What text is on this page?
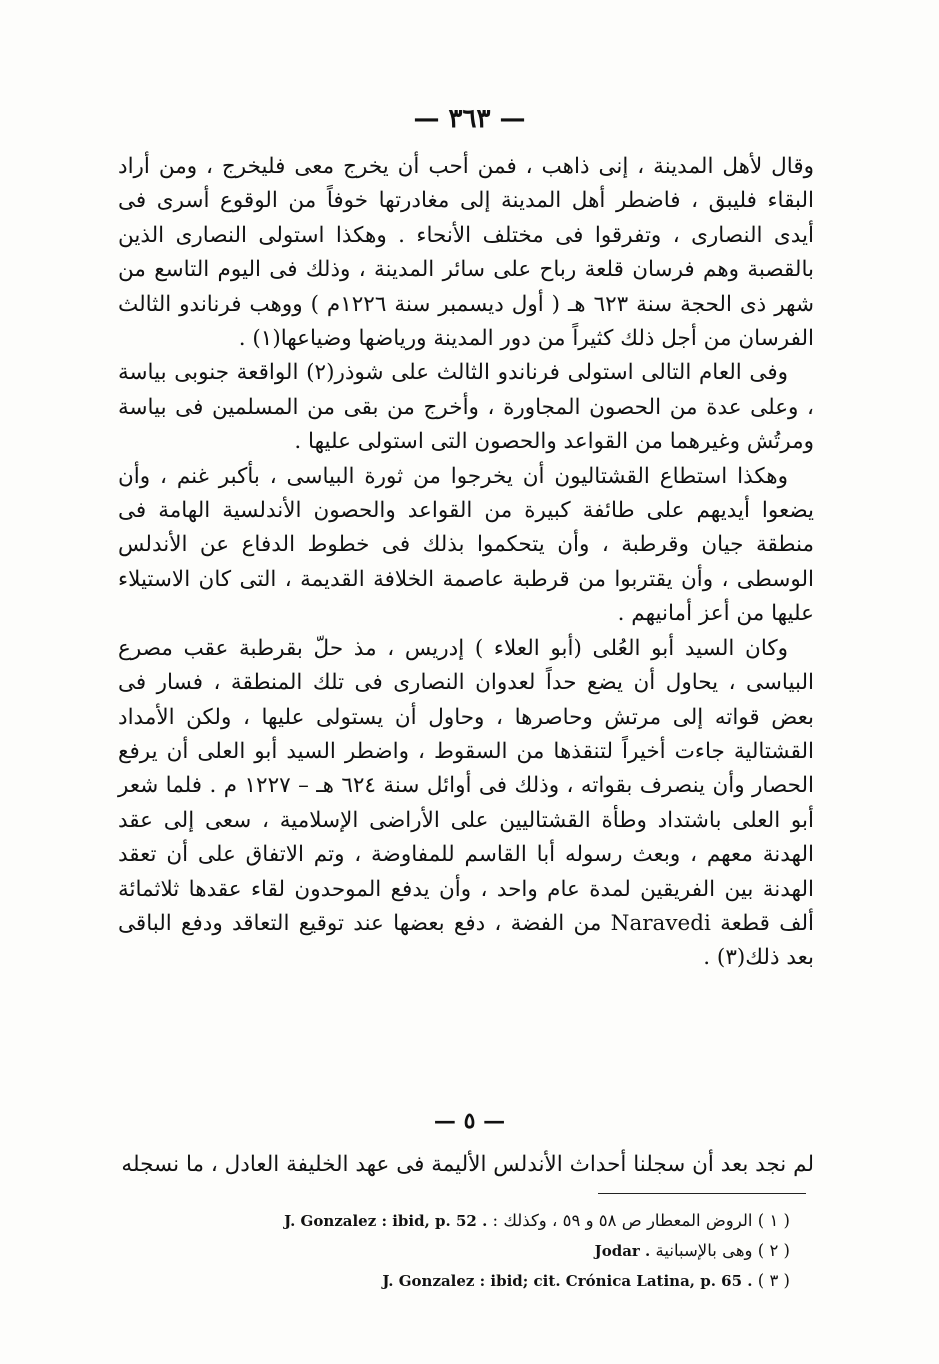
— ٣٦٣ —

وقال لأهل المدينة ، إنى ذاهب ، فمن أحب أن يخرج معى فليخرج ، ومن أراد البقاء فليبق ، فاضطر أهل المدينة إلى مغادرتها خوفاً من الوقوع أسرى فى أيدى النصارى ، وتفرقوا فى مختلف الأنحاء . وهكذا استولى النصارى الذين بالقصبة وهم فرسان قلعة رباح على سائر المدينة ، وذلك فى اليوم التاسع من شهر ذى الحجة سنة ٦٢٣ هـ ( أول ديسمبر سنة ١٢٢٦م ) ووهب فرناندو الثالث الفرسان من أجل ذلك كثيراً من دور المدينة ورياضها وضياعها(١) .

وفى العام التالى استولى فرناندو الثالث على شوذر(٢) الواقعة جنوبى بياسة ، وعلى عدة من الحصون المجاورة ، وأخرج من بقى من المسلمين فى بياسة ومرتُش وغيرهما من القواعد والحصون التى استولى عليها .

وهكذا استطاع القشتاليون أن يخرجوا من ثورة البياسى ، بأكبر غنم ، وأن يضعوا أيديهم على طائفة كبيرة من القواعد والحصون الأندلسية الهامة فى منطقة جيان وقرطبة ، وأن يتحكموا بذلك فى خطوط الدفاع عن الأندلس الوسطى ، وأن يقتربوا من قرطبة عاصمة الخلافة القديمة ، التى كان الاستيلاء عليها من أعز أمانيهم .

وكان السيد أبو العُلى (أبو العلاء ) إدريس ، مذ حلّ بقرطبة عقب مصرع البياسى ، يحاول أن يضع حداً لعدوان النصارى فى تلك المنطقة ، فسار فى بعض قواته إلى مرتش وحاصرها ، وحاول أن يستولى عليها ، ولكن الأمداد القشتالية جاءت أخيراً لتنقذها من السقوط ، واضطر السيد أبو العلى أن يرفع الحصار وأن ينصرف بقواته ، وذلك فى أوائل سنة ٦٢٤ هـ – ١٢٢٧ م . فلما شعر أبو العلى باشتداد وطأة القشتاليين على الأراضى الإسلامية ، سعى إلى عقد الهدنة معهم ، وبعث رسوله أبا القاسم للمفاوضة ، وتم الاتفاق على أن تعقد الهدنة بين الفريقين لمدة عام واحد ، وأن يدفع الموحدون لقاء عقدها ثلاثمائة ألف قطعة Naravedi من الفضة ، دفع بعضها عند توقيع التعاقد ودفع الباقى بعد ذلك(٣) .

— ٥ —
لم نجد بعد أن سجلنا أحداث الأندلس الأليمة فى عهد الخليفة العادل ، ما نسجله
( ١ ) الروض المعطار ص ٥٨ و ٥٩ ، وكذلك : J. Gonzalez : ibid, p. 52 .
( ٢ ) وهى بالإسبانية Jodar .
( ٣ ) J. Gonzalez : ibid; cit. Crónica Latina, p. 65 .
